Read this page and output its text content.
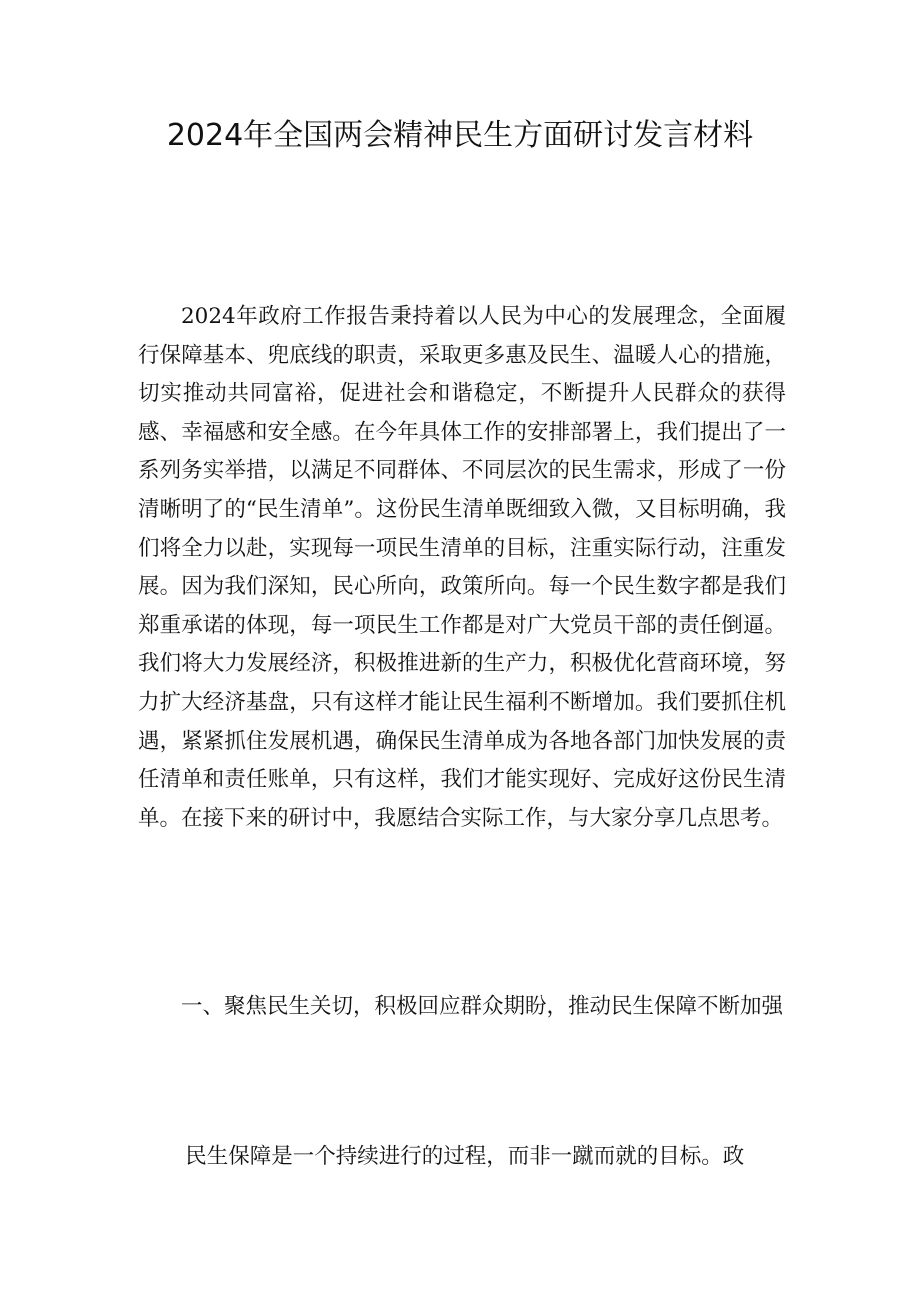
2024年全国两会精神民生方面研讨发言材料

2024年政府工作报告秉持着以人民为中心的发展理念，全面履行保障基本、兜底线的职责，采取更多惠及民生、温暖人心的措施，切实推动共同富裕，促进社会和谐稳定，不断提升人民群众的获得感、幸福感和安全感。在今年具体工作的安排部署上，我们提出了一系列务实举措，以满足不同群体、不同层次的民生需求，形成了一份清晰明了的“民生清单”。这份民生清单既细致入微，又目标明确，我们将全力以赴，实现每一项民生清单的目标，注重实际行动，注重发展。因为我们深知，民心所向，政策所向。每一个民生数字都是我们郑重承诺的体现，每一项民生工作都是对广大党员干部的责任倒逼。我们将大力发展经济，积极推进新的生产力，积极优化营商环境，努力扩大经济基盘，只有这样才能让民生福利不断增加。我们要抓住机遇，紧紧抓住发展机遇，确保民生清单成为各地各部门加快发展的责任清单和责任账单，只有这样，我们才能实现好、完成好这份民生清单。在接下来的研讨中，我愿结合实际工作，与大家分享几点思考。

一、聚焦民生关切，积极回应群众期盼，推动民生保障不断加强

民生保障是一个持续进行的过程，而非一蹴而就的目标。政
